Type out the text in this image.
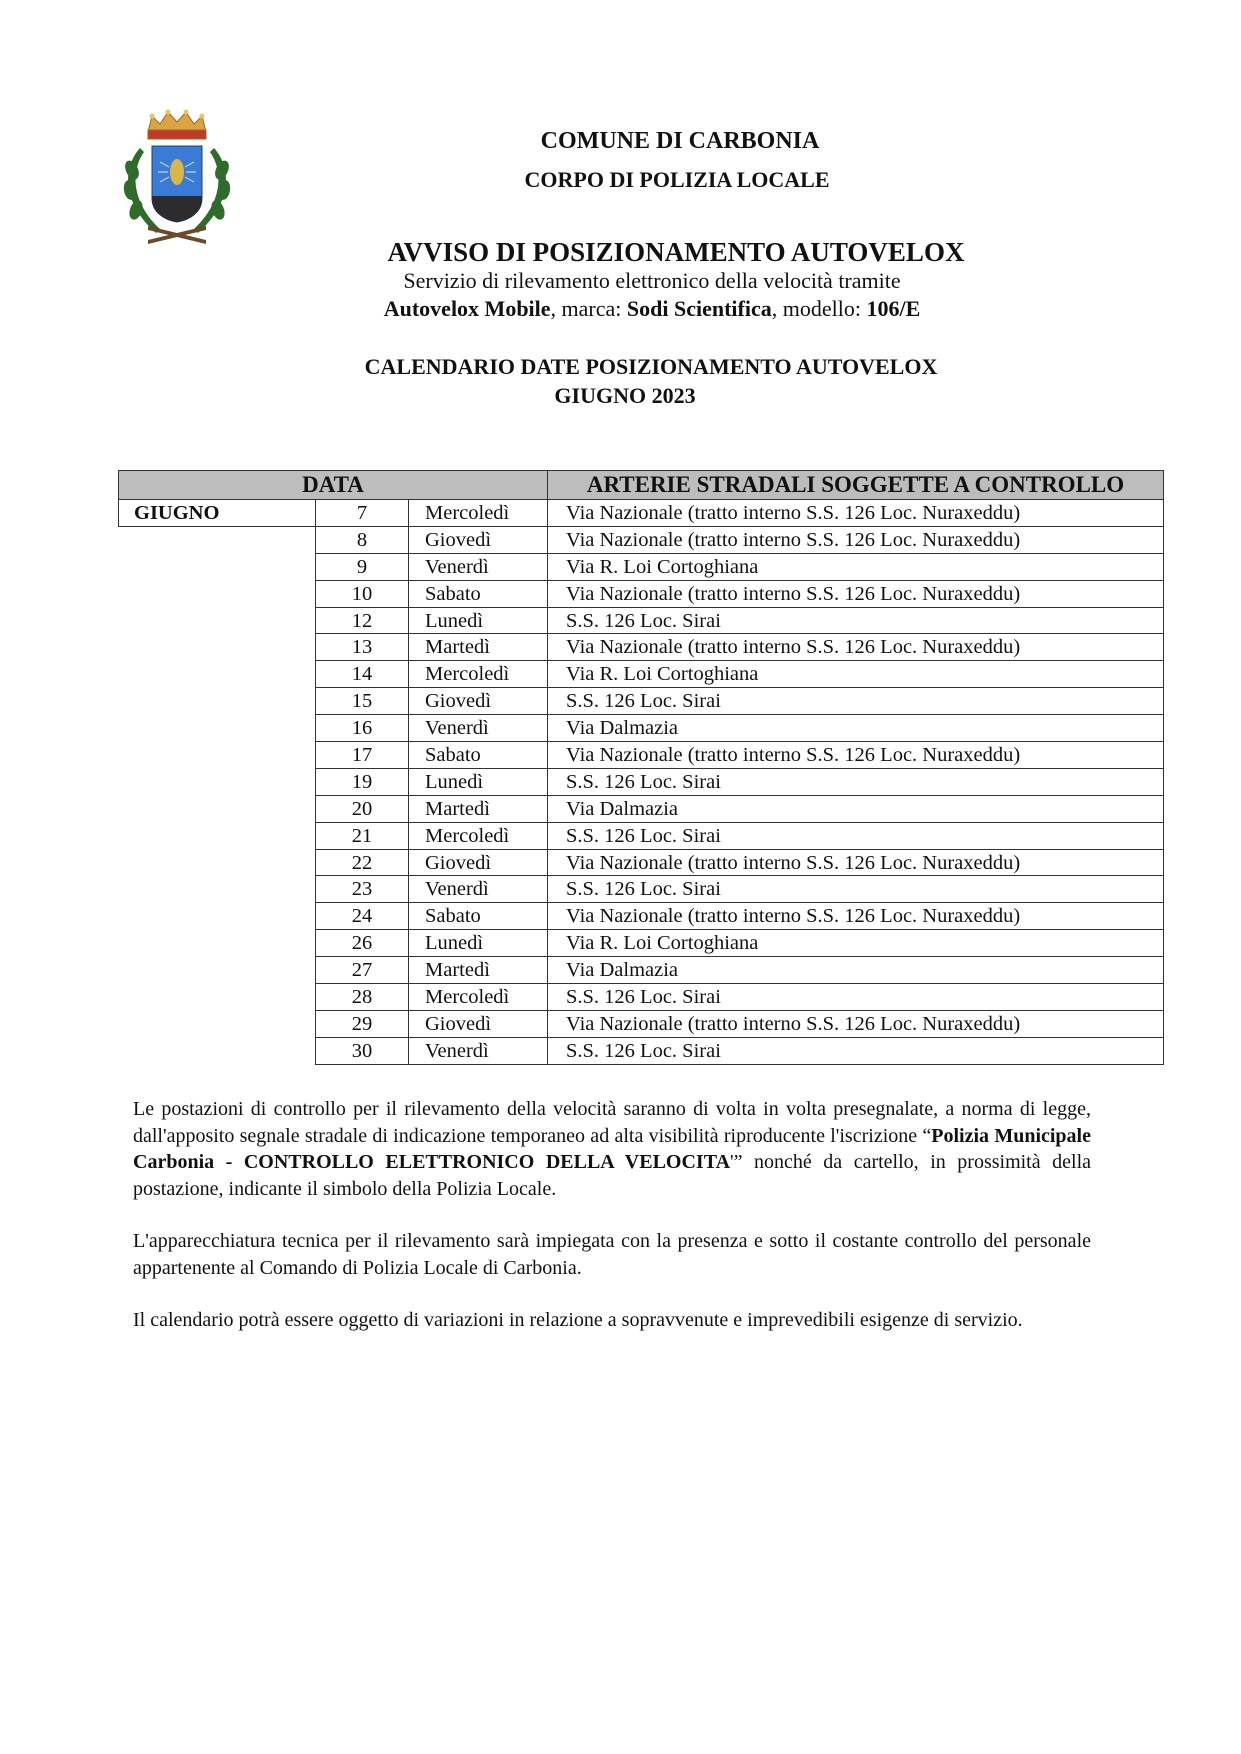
COMUNE DI CARBONIA
CORPO DI POLIZIA LOCALE
AVVISO DI POSIZIONAMENTO AUTOVELOX
Servizio di rilevamento elettronico della velocità tramite
Autovelox Mobile, marca: Sodi Scientifica, modello: 106/E
CALENDARIO DATE POSIZIONAMENTO AUTOVELOX
GIUGNO 2023
DATA			ARTERIE STRADALI SOGGETTE A CONTROLLO
GIUGNO	7	Mercoledì	Via Nazionale (tratto interno S.S. 126 Loc. Nuraxeddu)
	8	Giovedì	Via Nazionale (tratto interno S.S. 126 Loc. Nuraxeddu)
	9	Venerdì	Via R. Loi Cortoghiana
	10	Sabato	Via Nazionale (tratto interno S.S. 126 Loc. Nuraxeddu)
	12	Lunedì	S.S. 126 Loc. Sirai
	13	Martedì	Via Nazionale (tratto interno S.S. 126 Loc. Nuraxeddu)
	14	Mercoledì	Via R. Loi Cortoghiana
	15	Giovedì	S.S. 126 Loc. Sirai
	16	Venerdì	Via Dalmazia
	17	Sabato	Via Nazionale (tratto interno S.S. 126 Loc. Nuraxeddu)
	19	Lunedì	S.S. 126 Loc. Sirai
	20	Martedì	Via Dalmazia
	21	Mercoledì	S.S. 126 Loc. Sirai
	22	Giovedì	Via Nazionale (tratto interno S.S. 126 Loc. Nuraxeddu)
	23	Venerdì	S.S. 126 Loc. Sirai
	24	Sabato	Via Nazionale (tratto interno S.S. 126 Loc. Nuraxeddu)
	26	Lunedì	Via R. Loi Cortoghiana
	27	Martedì	Via Dalmazia
	28	Mercoledì	S.S. 126 Loc. Sirai
	29	Giovedì	Via Nazionale (tratto interno S.S. 126 Loc. Nuraxeddu)
	30	Venerdì	S.S. 126 Loc. Sirai
Le postazioni di controllo per il rilevamento della velocità saranno di volta in volta presegnalate, a norma di legge, dall'apposito segnale stradale di indicazione temporaneo ad alta visibilità riproducente l'iscrizione “Polizia Municipale Carbonia - CONTROLLO ELETTRONICO DELLA VELOCITA'” nonché da cartello, in prossimità della postazione, indicante il simbolo della Polizia Locale.
L'apparecchiatura tecnica per il rilevamento sarà impiegata con la presenza e sotto il costante controllo del personale appartenente al Comando di Polizia Locale di Carbonia.
Il calendario potrà essere oggetto di variazioni in relazione a sopravvenute e imprevedibili esigenze di servizio.
